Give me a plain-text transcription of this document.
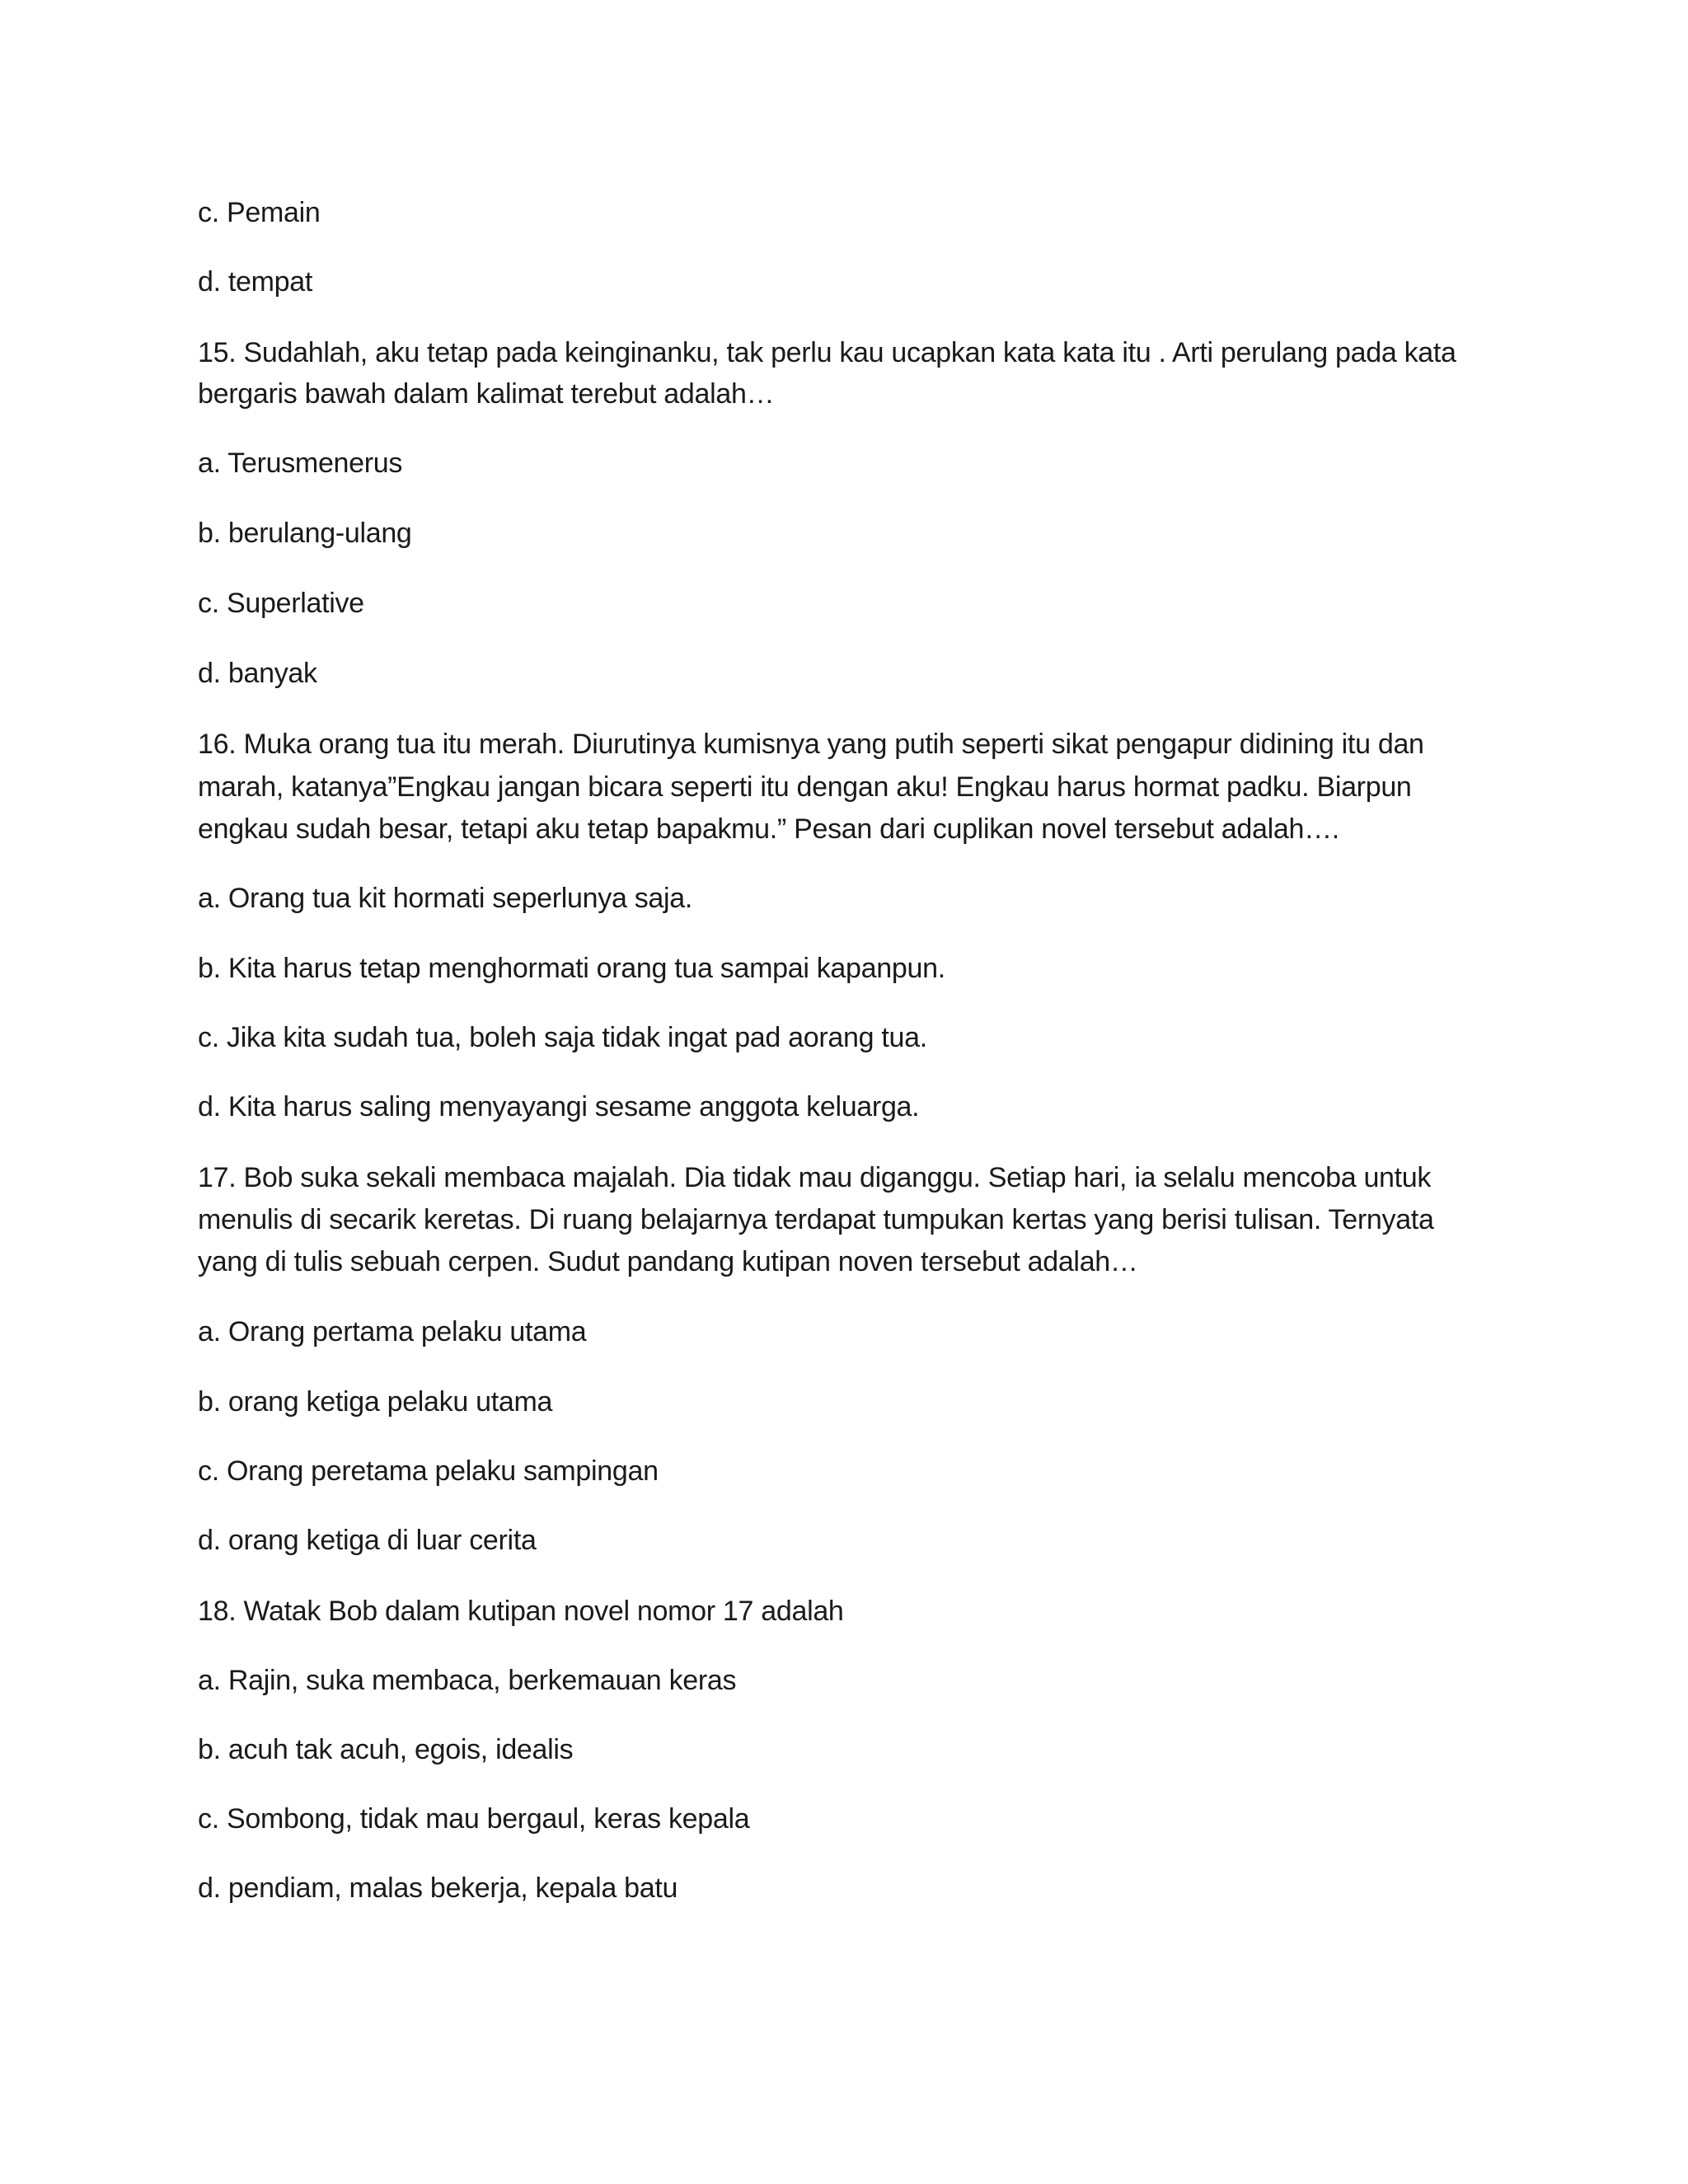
c. Pemain
d. tempat
15. Sudahlah, aku tetap pada keinginanku, tak perlu kau ucapkan kata kata itu . Arti perulang pada kata
bergaris bawah dalam kalimat terebut adalah…
a. Terusmenerus
b. berulang-ulang
c. Superlative
d. banyak
16. Muka orang tua itu merah. Diurutinya kumisnya yang putih seperti sikat pengapur didining itu dan
marah, katanya”Engkau jangan bicara seperti itu dengan aku! Engkau harus hormat padku. Biarpun
engkau sudah besar, tetapi aku tetap bapakmu.” Pesan dari cuplikan novel tersebut adalah….
a. Orang tua kit hormati seperlunya saja.
b. Kita harus tetap menghormati orang tua sampai kapanpun.
c. Jika kita sudah tua, boleh saja tidak ingat pad aorang tua.
d. Kita harus saling menyayangi sesame anggota keluarga.
17. Bob suka sekali membaca majalah. Dia tidak mau diganggu. Setiap hari, ia selalu mencoba untuk
menulis di secarik keretas. Di ruang belajarnya terdapat tumpukan kertas yang berisi tulisan. Ternyata
yang di tulis sebuah cerpen. Sudut pandang kutipan noven tersebut adalah…
a. Orang pertama pelaku utama
b. orang ketiga pelaku utama
c. Orang peretama pelaku sampingan
d. orang ketiga di luar cerita
18. Watak Bob dalam kutipan novel nomor 17 adalah
a. Rajin, suka membaca, berkemauan keras
b. acuh tak acuh, egois, idealis
c. Sombong, tidak mau bergaul, keras kepala
d. pendiam, malas bekerja, kepala batu
